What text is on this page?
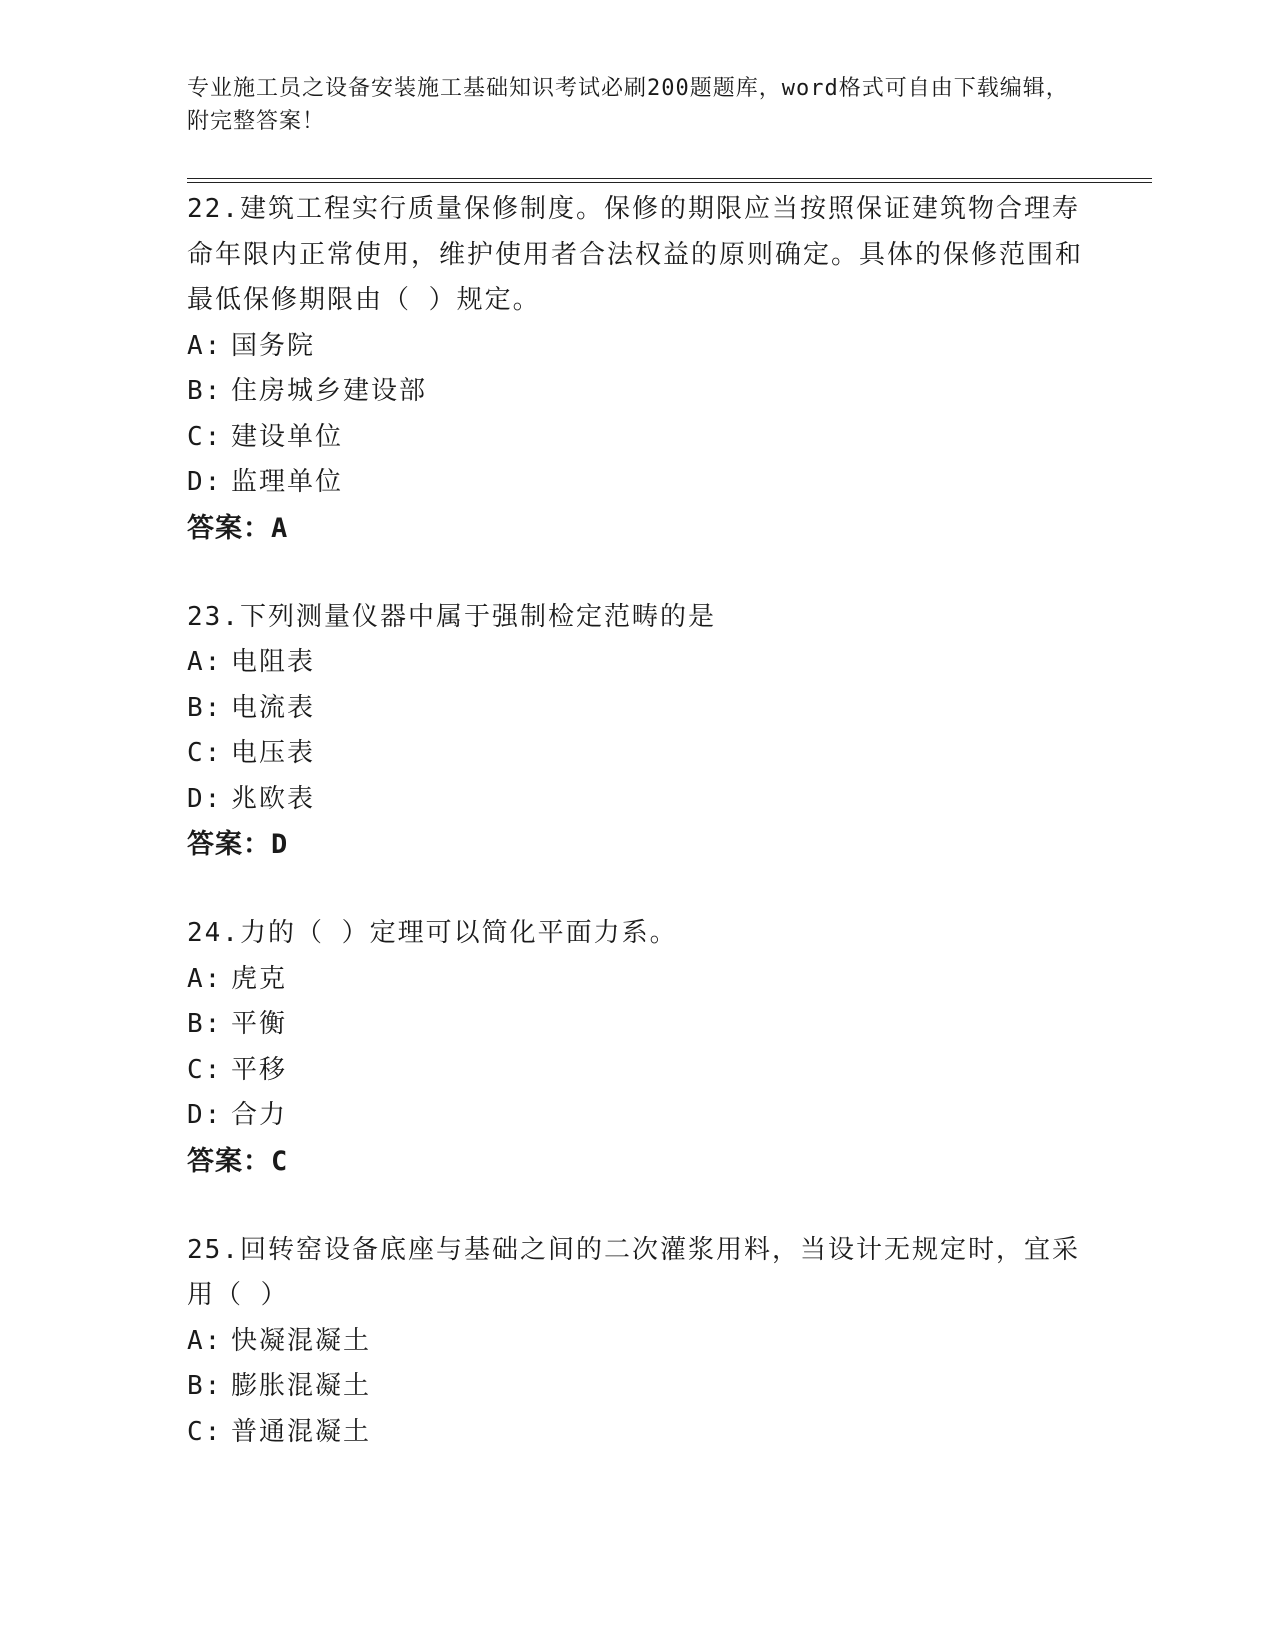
专业施工员之设备安装施工基础知识考试必刷200题题库，word格式可自由下载编辑，附完整答案！

22.建筑工程实行质量保修制度。保修的期限应当按照保证建筑物合理寿命年限内正常使用，维护使用者合法权益的原则确定。具体的保修范围和最低保修期限由（ ）规定。

A: 国务院
B: 住房城乡建设部
C: 建设单位
D: 监理单位
答案：A

23.下列测量仪器中属于强制检定范畴的是

A: 电阻表
B: 电流表
C: 电压表
D: 兆欧表
答案：D

24.力的（ ）定理可以简化平面力系。

A: 虎克
B: 平衡
C: 平移
D: 合力
答案：C

25.回转窑设备底座与基础之间的二次灌浆用料，当设计无规定时，宜采用（ ）

A: 快凝混凝土
B: 膨胀混凝土
C: 普通混凝土
